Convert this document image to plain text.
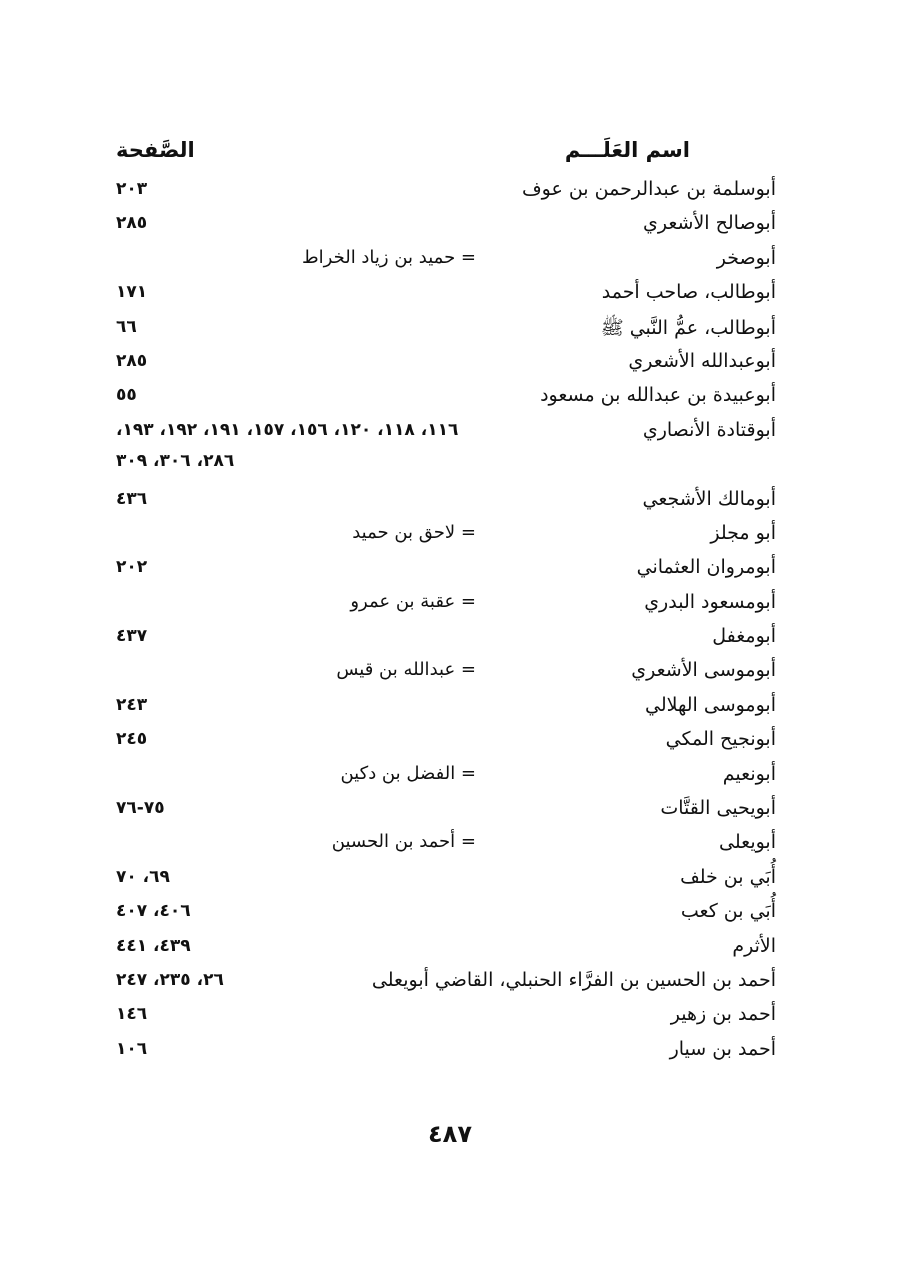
اسم العَلَـــم
الصَّفحة
أبوسلمة بن عبدالرحمن بن عوف
٢٠٣
أبوصالح الأشعري
٢٨٥
أبوصخر
= حميد بن زياد الخراط
أبوطالب، صاحب أحمد
١٧١
أبوطالب، عمُّ النَّبي ﷺ
٦٦
أبوعبدالله الأشعري
٢٨٥
أبوعبيدة بن عبدالله بن مسعود
٥٥
أبوقتادة الأنصاري
١١٦، ١١٨، ١٢٠، ١٥٦، ١٥٧، ١٩١، ١٩٢، ١٩٣،
٢٨٦، ٣٠٦، ٣٠٩
أبومالك الأشجعي
٤٣٦
أبو مجلز
= لاحق بن حميد
أبومروان العثماني
٢٠٢
أبومسعود البدري
= عقبة بن عمرو
أبومغفل
٤٣٧
أبوموسى الأشعري
= عبدالله بن قيس
أبوموسى الهلالي
٢٤٣
أبونجيح المكي
٢٤٥
أبونعيم
= الفضل بن دكين
أبويحيى القتَّات
٧٥-٧٦
أبويعلى
= أحمد بن الحسين
أُبَي بن خلف
٦٩، ٧٠
أُبَي بن كعب
٤٠٦، ٤٠٧
الأثرم
٤٣٩، ٤٤١
أحمد بن الحسين بن الفرَّاء الحنبلي، القاضي أبويعلى
٢٦، ٢٣٥، ٢٤٧
أحمد بن زهير
١٤٦
أحمد بن سيار
١٠٦
٤٨٧
